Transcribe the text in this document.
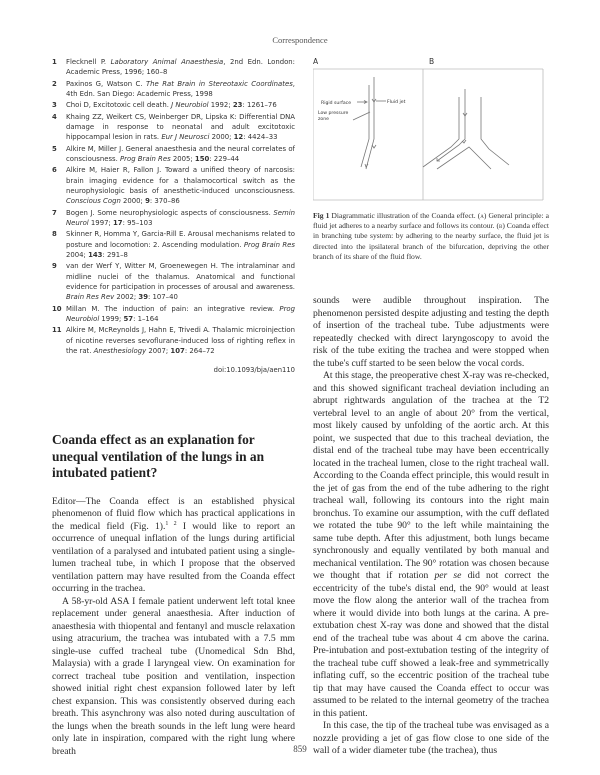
Correspondence
1	Flecknell P. Laboratory Animal Anaesthesia, 2nd Edn. London: Academic Press, 1996; 160–8
2	Paxinos G, Watson C. The Rat Brain in Stereotaxic Coordinates, 4th Edn. San Diego: Academic Press, 1998
3	Choi D, Excitotoxic cell death. J Neurobiol 1992; 23: 1261–76
4	Khaing ZZ, Weikert CS, Weinberger DR, Lipska K: Differential DNA damage in response to neonatal and adult excitotoxic hippocampal lesion in rats. Eur J Neurosci 2000; 12: 4424–33
5	Alkire M, Miller J. General anaesthesia and the neural correlates of consciousness. Prog Brain Res 2005; 150: 229–44
6	Alkire M, Haier R, Fallon J. Toward a unified theory of narcosis: brain imaging evidence for a thalamocortical switch as the neurophysiologic basis of anesthetic-induced unconsciousness. Conscious Cogn 2000; 9: 370–86
7	Bogen J. Some neurophysiologic aspects of consciousness. Semin Neurol 1997; 17: 95–103
8	Skinner R, Homma Y, Garcia-Rill E. Arousal mechanisms related to posture and locomotion: 2. Ascending modulation. Prog Brain Res 2004; 143: 291–8
9	van der Werf Y, Witter M, Groenewegen H. The intralaminar and midline nuclei of the thalamus. Anatomical and functional evidence for participation in processes of arousal and awareness. Brain Res Rev 2002; 39: 107–40
10 Millan M. The induction of pain: an integrative review. Prog Neurobiol 1999; 57: 1–164
11 Alkire M, McReynolds J, Hahn E, Trivedi A. Thalamic microinjection of nicotine reverses sevoflurane-induced loss of righting reflex in the rat. Anesthesiology 2007; 107: 264–72
doi:10.1093/bja/aen110
Coanda effect as an explanation for unequal ventilation of the lungs in an intubated patient?

Editor—The Coanda effect is an established physical phenomenon of fluid flow which has practical applications in the medical field (Fig. 1).$^{1 2}$ I would like to report an occurrence of unequal inflation of the lungs during artificial ventilation of a paralysed and intubated patient using a single-lumen tracheal tube, in which I propose that the observed ventilation pattern may have resulted from the Coanda effect occurring in the trachea.

A 58-yr-old ASA I female patient underwent left total knee replacement under general anaesthesia. After induction of anaesthesia with thiopental and fentanyl and muscle relaxation using atracurium, the trachea was intubated with a 7.5 mm single-use cuffed tracheal tube (Unomedical Sdn Bhd, Malaysia) with a grade I laryngeal view. On examination for correct tracheal tube position and ventilation, inspection showed initial right chest expansion followed later by left chest expansion. This was consistently observed during each breath. This asynchrony was also noted during auscultation of the lungs when the breath sounds in the left lung were heard only late in inspiration, compared with the right lung where breath

A	B
Rigid surface	Fluid jet
Low pressure
zone
Fig 1 Diagrammatic illustration of the Coanda effect. (a) General principle: a fluid jet adheres to a nearby surface and follows its contour. (b) Coanda effect in branching tube system: by adhering to the nearby surface, the fluid jet is directed into the ipsilateral branch of the bifurcation, depriving the other branch of its share of the fluid flow.

sounds were audible throughout inspiration. The phenomenon persisted despite adjusting and testing the depth of insertion of the tracheal tube. Tube adjustments were repeatedly checked with direct laryngoscopy to avoid the risk of the tube exiting the trachea and were stopped when the tube's cuff started to be seen below the vocal cords.

At this stage, the preoperative chest X-ray was re-checked, and this showed significant tracheal deviation including an abrupt rightwards angulation of the trachea at the T2 vertebral level to an angle of about 20° from the vertical, most likely caused by unfolding of the aortic arch. At this point, we suspected that due to this tracheal deviation, the distal end of the tracheal tube may have been eccentrically located in the tracheal lumen, close to the right tracheal wall. According to the Coanda effect principle, this would result in the jet of gas from the end of the tube adhering to the right tracheal wall, following its contours into the right main bronchus. To examine our assumption, with the cuff deflated we rotated the tube 90° to the left while maintaining the same tube depth. After this adjustment, both lungs became synchronously and equally ventilated by both manual and mechanical ventilation. The 90° rotation was chosen because we thought that if rotation per se did not correct the eccentricity of the tube's distal end, the 90° would at least move the flow along the anterior wall of the trachea from where it would divide into both lungs at the carina. A pre-extubation chest X-ray was done and showed that the distal end of the tracheal tube was about 4 cm above the carina. Pre-intubation and post-extubation testing of the integrity of the tracheal tube cuff showed a leak-free and symmetrically inflating cuff, so the eccentric position of the tracheal tube tip that may have caused the Coanda effect to occur was assumed to be related to the internal geometry of the trachea in this patient.

In this case, the tip of the tracheal tube was envisaged as a nozzle providing a jet of gas flow close to one side of the wall of a wider diameter tube (the trachea), thus

859
